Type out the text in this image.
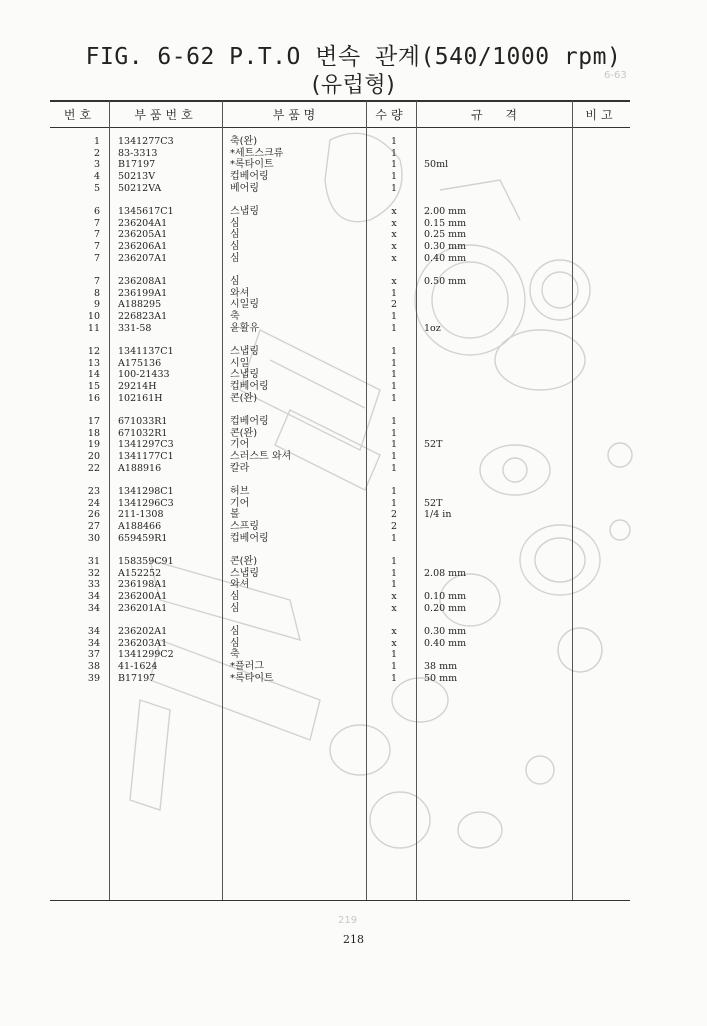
6-63
219
FIG. 6-62 P.T.O 변속 관계(540/1000 rpm)
(유럽형)
번호	부품번호	부 품 명	수량	규      격	비고
1 1341277C3	축(완)	1
2 83-3313	*세트스크류	1
3 B17197	*록타이트	1	50ml
4 50213V	컵베어링	1
5 50212VA	베어링	1
6 1345617C1	스냅링	x	2.00 mm
7 236204A1	심	x	0.15 mm
7 236205A1	심	x	0.25 mm
7 236206A1	심	x	0.30 mm
7 236207A1	심	x	0.40 mm
7 236208A1	심	x	0.50 mm
8 236199A1	와셔	1
9 A188295	시일링	2
10 226823A1	축	1
11 331-58	윤활유	1	1oz
12 1341137C1	스냅링	1
13 A175136	시일	1
14 100-21433	스냅링	1
15 29214H	컵베어링	1
16 102161H	콘(완)	1
17 671033R1	컵베어링	1
18 671032R1	콘(완)	1
19 1341297C3	기어	1	52T
20 1341177C1	스러스트 와셔	1
22 A188916	칼라	1
23 1341298C1	허브	1
24 1341296C3	기어	1	52T
26 211-1308	볼	2	1/4 in
27 A188466	스프링	2
30 659459R1	컵베어링	1
31 158359C91	콘(완)	1
32 A152252	스냅링	1	2.08 mm
33 236198A1	와셔	1
34 236200A1	심	x	0.10 mm
34 236201A1	심	x	0.20 mm
34 236202A1	심	x	0.30 mm
34 236203A1	심	x	0.40 mm
37 1341299C2	축	1
38 41-1624	*플러그	1	38 mm
39 B17197	*록타이트	1	50 mm
218
